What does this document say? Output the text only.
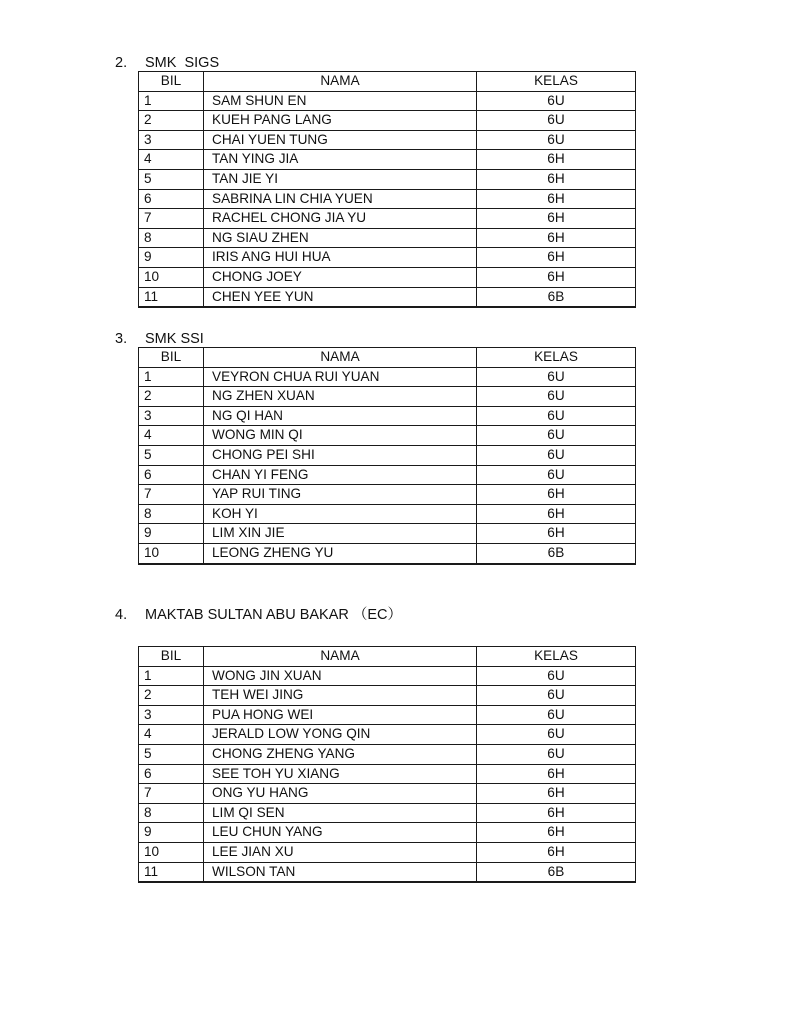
2. SMK  SIGS
BIL	NAMA	KELAS
1	SAM SHUN EN	6U
2	KUEH PANG LANG	6U
3	CHAI YUEN TUNG	6U
4	TAN YING JIA	6H
5	TAN JIE YI	6H
6	SABRINA LIN CHIA YUEN	6H
7	RACHEL CHONG JIA YU	6H
8	NG SIAU ZHEN	6H
9	IRIS ANG HUI HUA	6H
10	CHONG JOEY	6H
11	CHEN YEE YUN	6B
3. SMK SSI
BIL	NAMA	KELAS
1	VEYRON CHUA RUI YUAN	6U
2	NG ZHEN XUAN	6U
3	NG QI HAN	6U
4	WONG MIN QI	6U
5	CHONG PEI SHI	6U
6	CHAN YI FENG	6U
7	YAP RUI TING	6H
8	KOH YI	6H
9	LIM XIN JIE	6H
10	LEONG ZHENG YU	6B
4. MAKTAB SULTAN ABU BAKAR （EC）
BIL	NAMA	KELAS
1	WONG JIN XUAN	6U
2	TEH WEI JING	6U
3	PUA HONG WEI	6U
4	JERALD LOW YONG QIN	6U
5	CHONG ZHENG YANG	6U
6	SEE TOH YU XIANG	6H
7	ONG YU HANG	6H
8	LIM QI SEN	6H
9	LEU CHUN YANG	6H
10	LEE JIAN XU	6H
11	WILSON TAN	6B
